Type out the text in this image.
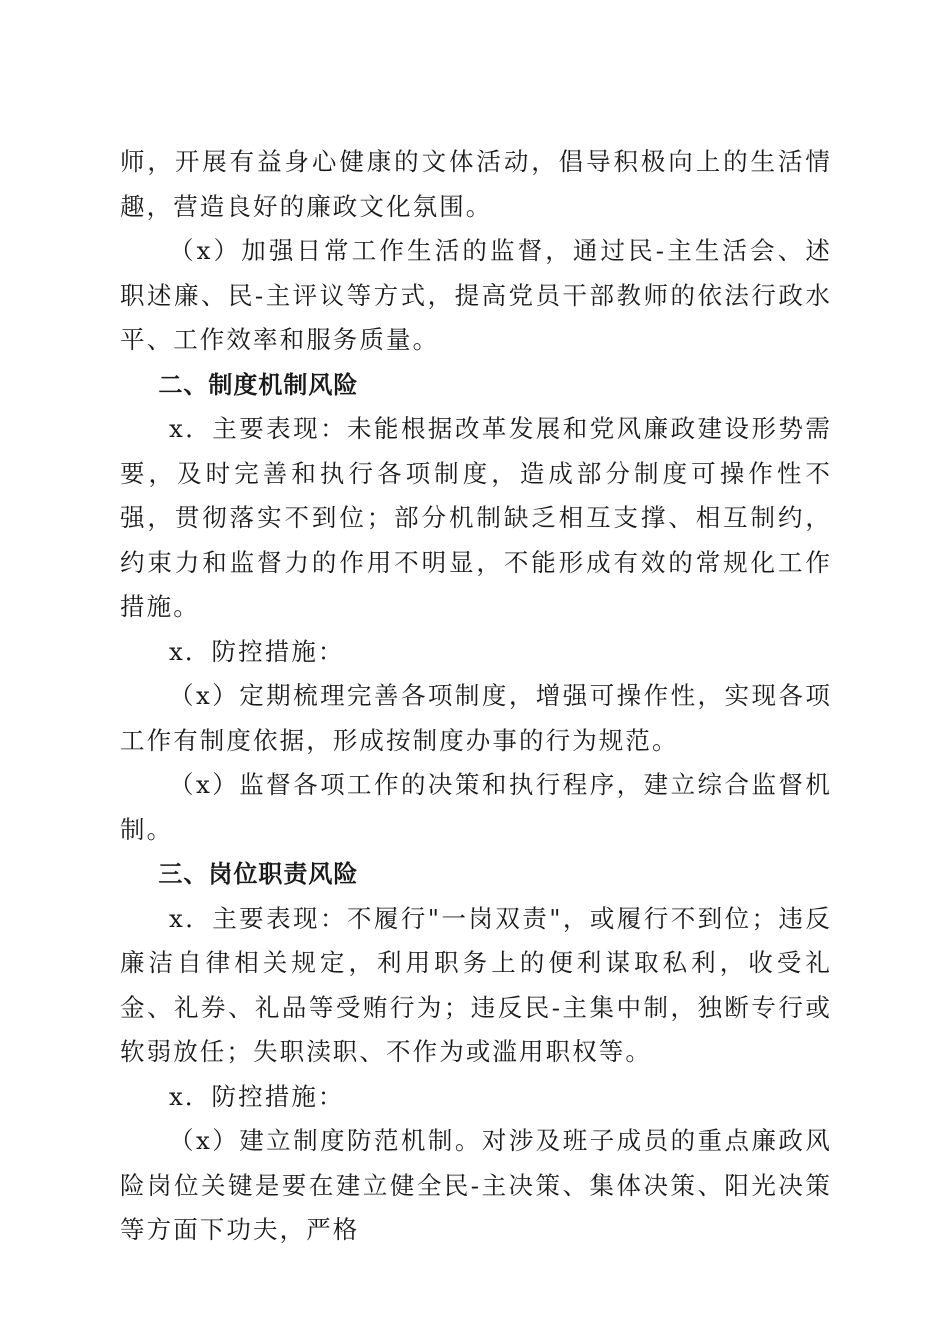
师，开展有益身心健康的文体活动，倡导积极向上的生活情趣，营造良好的廉政文化氛围。

（x）加强日常工作生活的监督，通过民-主生活会、述职述廉、民-主评议等方式，提高党员干部教师的依法行政水平、工作效率和服务质量。

二、制度机制风险

x．主要表现：未能根据改革发展和党风廉政建设形势需要，及时完善和执行各项制度，造成部分制度可操作性不强，贯彻落实不到位；部分机制缺乏相互支撑、相互制约，约束力和监督力的作用不明显，不能形成有效的常规化工作措施。

x．防控措施：

（x）定期梳理完善各项制度，增强可操作性，实现各项工作有制度依据，形成按制度办事的行为规范。

（x）监督各项工作的决策和执行程序，建立综合监督机制。

三、岗位职责风险

x．主要表现：不履行"一岗双责"，或履行不到位；违反廉洁自律相关规定，利用职务上的便利谋取私利，收受礼金、礼券、礼品等受贿行为；违反民-主集中制，独断专行或软弱放任；失职渎职、不作为或滥用职权等。

x．防控措施：

（x）建立制度防范机制。对涉及班子成员的重点廉政风险岗位关键是要在建立健全民-主决策、集体决策、阳光决策等方面下功夫，严格
